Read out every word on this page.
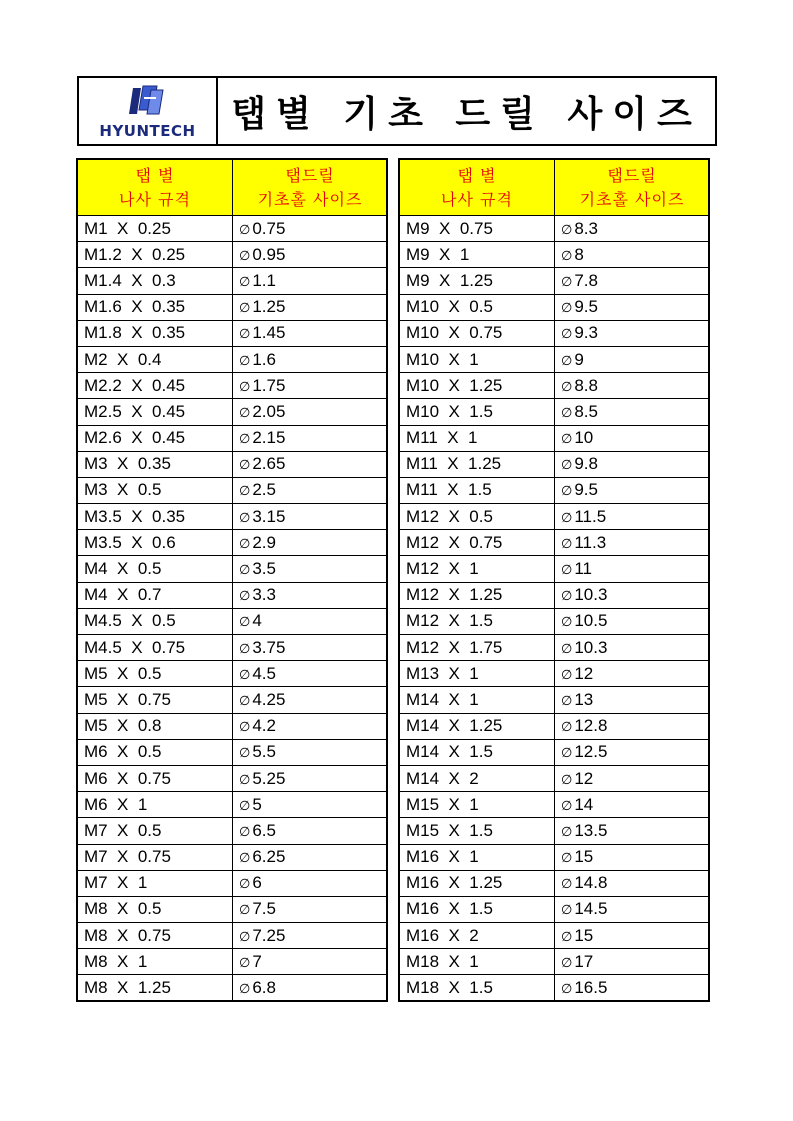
HYUNTECH 탭별 기초 드릴 사이즈
탭 별
나사 규격	탭드릴
기초홀 사이즈

M1  X  0.25	∅ 0.75
M1.2  X  0.25	∅ 0.95
M1.4  X  0.3	∅ 1.1
M1.6  X  0.35	∅ 1.25
M1.8  X  0.35	∅ 1.45
M2  X  0.4	∅ 1.6
M2.2  X  0.45	∅ 1.75
M2.5  X  0.45	∅ 2.05
M2.6  X  0.45	∅ 2.15
M3  X  0.35	∅ 2.65
M3  X  0.5	∅ 2.5
M3.5  X  0.35	∅ 3.15
M3.5  X  0.6	∅ 2.9
M4  X  0.5	∅ 3.5
M4  X  0.7	∅ 3.3
M4.5  X  0.5	∅ 4
M4.5  X  0.75	∅ 3.75
M5  X  0.5	∅ 4.5
M5  X  0.75	∅ 4.25
M5  X  0.8	∅ 4.2
M6  X  0.5	∅ 5.5
M6  X  0.75	∅ 5.25
M6  X  1	∅ 5
M7  X  0.5	∅ 6.5
M7  X  0.75	∅ 6.25
M7  X  1	∅ 6
M8  X  0.5	∅ 7.5
M8  X  0.75	∅ 7.25
M8  X  1	∅ 7
M8  X  1.25	∅ 6.8
탭 별
나사 규격	탭드릴
기초홀 사이즈

M9  X  0.75	∅ 8.3
M9  X  1	∅ 8
M9  X  1.25	∅ 7.8
M10  X  0.5	∅ 9.5
M10  X  0.75	∅ 9.3
M10  X  1	∅ 9
M10  X  1.25	∅ 8.8
M10  X  1.5	∅ 8.5
M11  X  1	∅ 10
M11  X  1.25	∅ 9.8
M11  X  1.5	∅ 9.5
M12  X  0.5	∅ 11.5
M12  X  0.75	∅ 11.3
M12  X  1	∅ 11
M12  X  1.25	∅ 10.3
M12  X  1.5	∅ 10.5
M12  X  1.75	∅ 10.3
M13  X  1	∅ 12
M14  X  1	∅ 13
M14  X  1.25	∅ 12.8
M14  X  1.5	∅ 12.5
M14  X  2	∅ 12
M15  X  1	∅ 14
M15  X  1.5	∅ 13.5
M16  X  1	∅ 15
M16  X  1.25	∅ 14.8
M16  X  1.5	∅ 14.5
M16  X  2	∅ 15
M18  X  1	∅ 17
M18  X  1.5	∅ 16.5
